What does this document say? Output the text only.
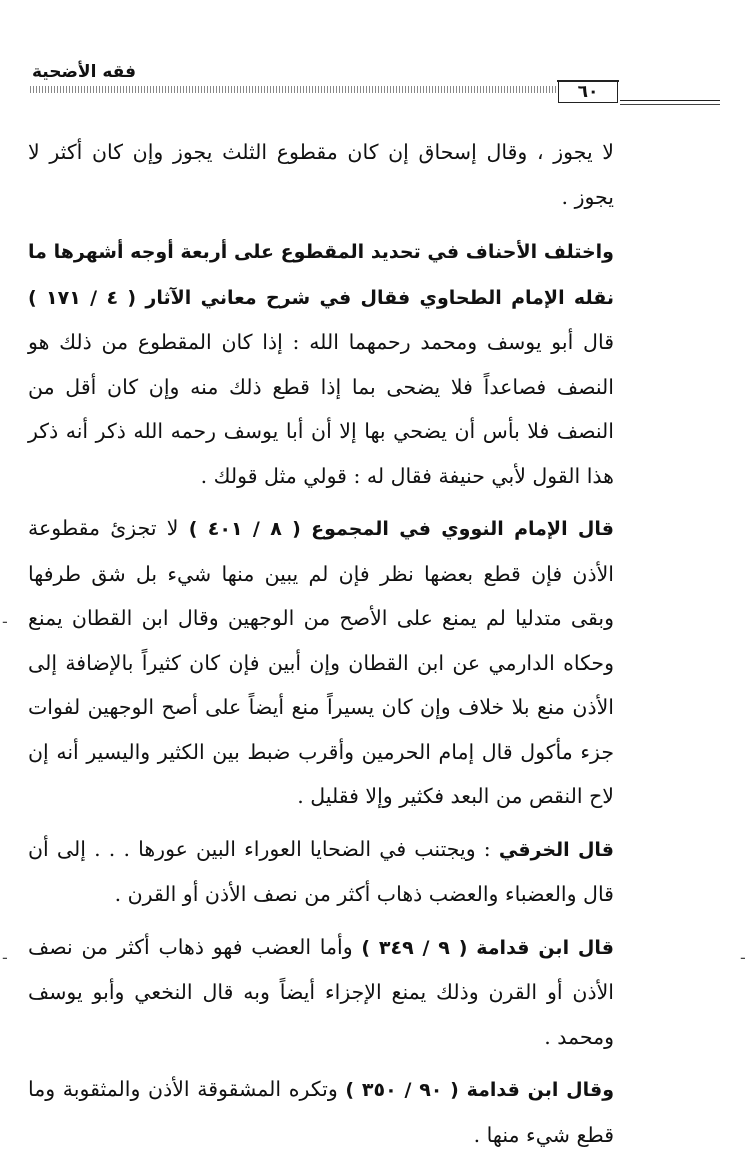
فقه الأضحية
٦٠

لا يجوز ، وقال إسحاق إن كان مقطوع الثلث يجوز وإن كان أكثر لا يجوز .

واختلف الأحناف في تحديد المقطوع على أربعة أوجه أشهرها ما نقله الإمام الطحاوي فقال في شرح معاني الآثار ( ٤ / ١٧١ ) قال أبو يوسف ومحمد رحمهما الله : إذا كان المقطوع من ذلك هو النصف فصاعداً فلا يضحى بما إذا قطع ذلك منه وإن كان أقل من النصف فلا بأس أن يضحي بها إلا أن أبا يوسف رحمه الله ذكر أنه ذكر هذا القول لأبي حنيفة فقال له : قولي مثل قولك .

قال الإمام النووي في المجموع ( ٨ / ٤٠١ ) لا تجزئ مقطوعة الأذن فإن قطع بعضها نظر فإن لم يبين منها شيء بل شق طرفها وبقى متدليا لم يمنع على الأصح من الوجهين وقال ابن القطان يمنع وحكاه الدارمي عن ابن القطان وإن أبين فإن كان كثيراً بالإضافة إلى الأذن منع بلا خلاف وإن كان يسيراً منع أيضاً على أصح الوجهين لفوات جزء مأكول قال إمام الحرمين وأقرب ضبط بين الكثير واليسير أنه إن لاح النقص من البعد فكثير وإلا فقليل .

قال الخرقي : ويجتنب في الضحايا العوراء البين عورها . . . إلى أن قال والعضباء والعضب ذهاب أكثر من نصف الأذن أو القرن .

قال ابن قدامة ( ٩ / ٣٤٩ ) وأما العضب فهو ذهاب أكثر من نصف الأذن أو القرن وذلك يمنع الإجزاء أيضاً وبه قال النخعي وأبو يوسف ومحمد .

وقال ابن قدامة ( ٩٠ / ٣٥٠ ) وتكره المشقوقة الأذن والمثقوبة وما قطع شيء منها .

-
-	-
